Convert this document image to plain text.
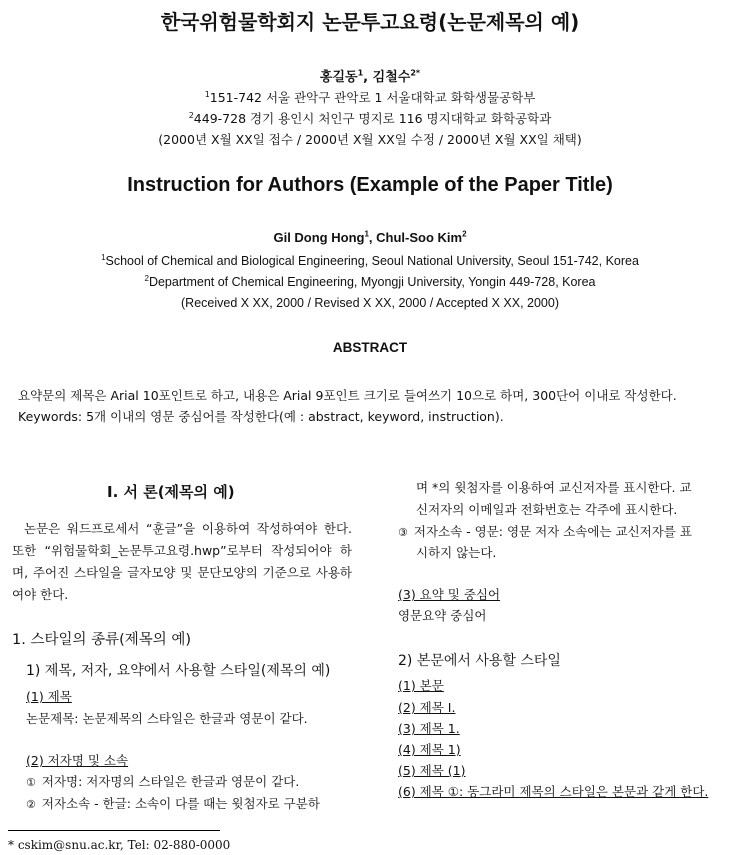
한국위험물학회지 논문투고요령(논문제목의 예)
홍길동$^1$, 김철수$^{2*}$
$^1$151-742 서울 관악구 관악로 1 서울대학교 화학생물공학부
$^2$449-728 경기 용인시 처인구 명지로 116 명지대학교 화학공학과
(2000년 X월 XX일 접수 / 2000년 X월 XX일 수정 / 2000년 X월 XX일 채택)
Instruction for Authors (Example of the Paper Title)
Gil Dong Hong$^1$, Chul-Soo Kim$^2$
$^1$School of Chemical and Biological Engineering, Seoul National University, Seoul 151-742, Korea
$^2$Department of Chemical Engineering, Myongji University, Yongin 449-728, Korea
(Received X XX, 2000 / Revised X XX, 2000 / Accepted X XX, 2000)
ABSTRACT
요약문의 제목은 Arial 10포인트로 하고, 내용은 Arial 9포인트 크기로 들여쓰기 10으로 하며, 300단어 이내로 작성한다.
Keywords: 5개 이내의 영문 중심어를 작성한다(예 : abstract, keyword, instruction).
Ⅰ. 서 론(제목의 예)
논문은 워드프로세서 “훈글”을 이용하여 작성하여야 한다. 또한 “위험물학회_논문투고요령.hwp”로부터 작성되어야 하며, 주어진 스타일을 글자모양 및 문단모양의 기준으로 사용하여야 한다.
1. 스타일의 종류(제목의 예)
1) 제목, 저자, 요약에서 사용할 스타일(제목의 예)
(1) 제목
논문제목: 논문제목의 스타일은 한글과 영문이 같다.
(2) 저자명 및 소속
① 저자명: 저자명의 스타일은 한글과 영문이 같다.
② 저자소속 - 한글: 소속이 다를 때는 윗첨자로 구분하
며 *의 윗첨자를 이용하여 교신저자를 표시한다. 교
신저자의 이메일과 전화번호는 각주에 표시한다.
③ 저자소속 - 영문: 영문 저자 소속에는 교신저자를 표
시하지 않는다.
(3) 요약 및 중심어
영문요약 중심어
2) 본문에서 사용할 스타일
(1) 본문
(2) 제목 Ⅰ.
(3) 제목 1.
(4) 제목 1)
(5) 제목 (1)
(6) 제목 ①: 동그라미 제목의 스타일은 본문과 같게 한다.
* cskim@snu.ac.kr, Tel: 02-880-0000
